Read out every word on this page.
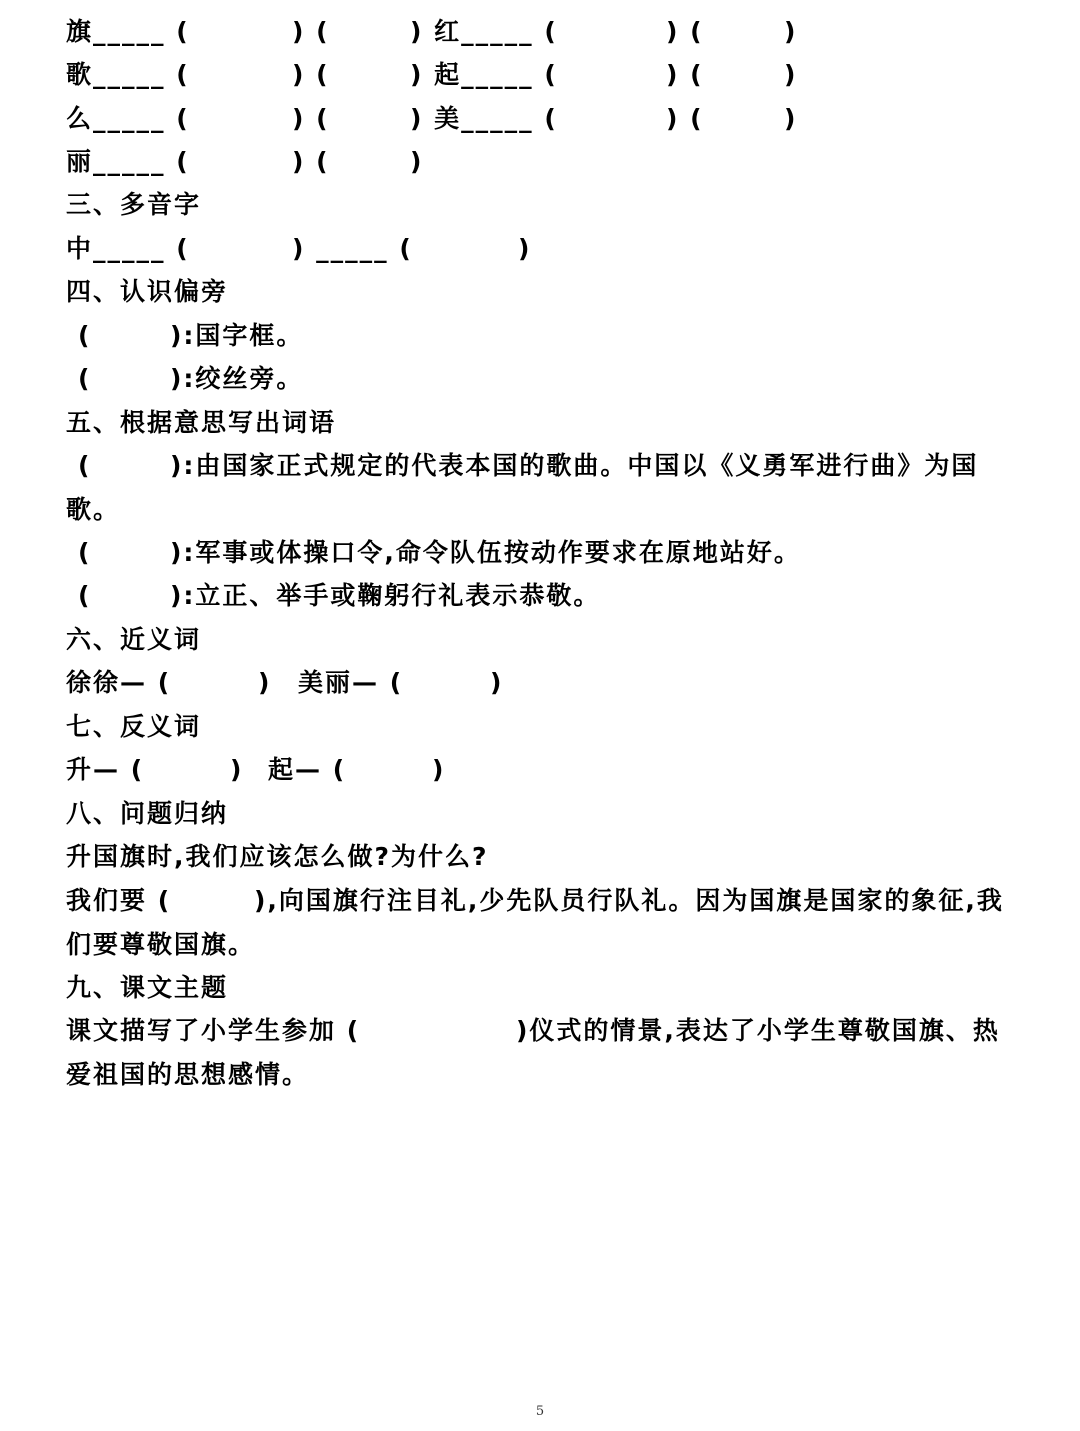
旗_____ (	) (	) 红_____ (	) (	)
歌_____ (	) (	) 起_____ (	) (	)
么_____ (	) (	) 美_____ (	) (	)
丽_____ (	) (	)
三、多音字
中_____ (	) _____ (	)
四、认识偏旁
(	):国字框。
(	):绞丝旁。
五、根据意思写出词语
(	):由国家正式规定的代表本国的歌曲。中国以《义勇军进行曲》为国歌。
(	):军事或体操口令,命令队伍按动作要求在原地站好。
(	):立正、举手或鞠躬行礼表示恭敬。
六、近义词
徐徐— (	) 美丽— (	)
七、反义词
升— (	) 起— (	)
八、问题归纳
升国旗时,我们应该怎么做?为什么?
我们要 (	),向国旗行注目礼,少先队员行队礼。因为国旗是国家的象征,我们要尊敬国旗。
九、课文主题
课文描写了小学生参加 (	)仪式的情景,表达了小学生尊敬国旗、热爱祖国的思想感情。
5
